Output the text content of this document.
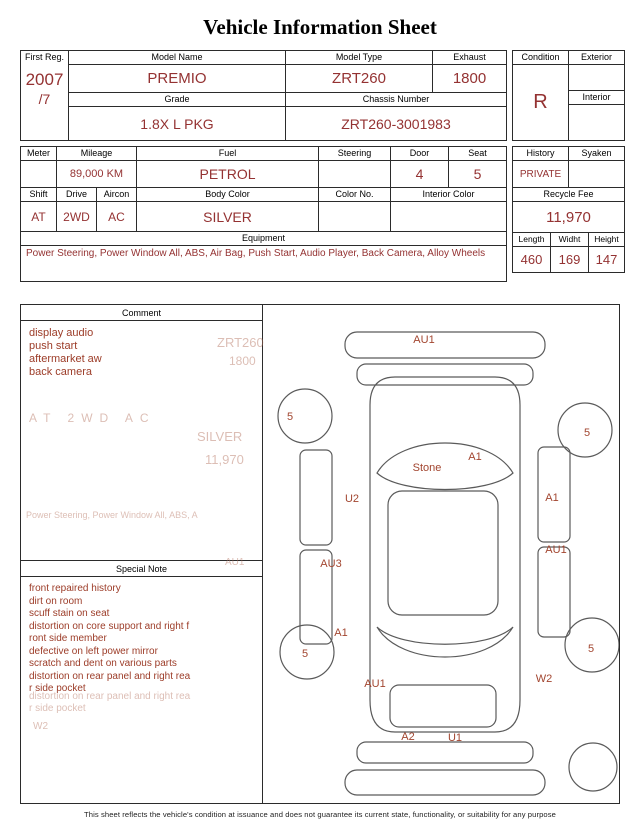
Vehicle Information Sheet
First Reg.
2007
/7	Model Name	Model Type	Exhaust
	PREMIO	ZRT260	1800
	Grade	Chassis Number	
	1.8X L PKG	ZRT260-3001983	
Condition	Exterior
R	
	Interior

Meter	Mileage		Fuel	Steering	Door	Seat
	89,000 KM		PETROL		4	5
Shift	Drive	Aircon	Body Color	Color No.	Interior Color	
AT	2WD	AC	SILVER			
Equipment						
Power Steering, Power Window All, ABS, Air Bag, Push Start, Audio Player, Back Camera, Alloy Wheels						
History	Syaken
PRIVATE	
Recycle Fee
11,970
Length	Widht	Height
460	169	147
Comment
display audio
push start
aftermarket aw
back camera
Special Note
front repaired history
dirt on room
scuff stain on seat
distortion on core support and right f
ront side member
defective on left power mirror
scratch and dent on various parts
distortion on rear panel and right rea
r side pocket
AU1
5
5
Stone
A1
U2	A1
AU3
AU1
A1
5	5
AU1	W2
A2	U1
ZRT260
1800
AT 2WD AC
SILVER
11,970
Power Steering, Power Window All, ABS, A
AU1
distortion on rear panel and right rea
r side pocket
W2
This sheet reflects the vehicle's condition at issuance and does not guarantee its current state, functionality, or suitability for any purpose
